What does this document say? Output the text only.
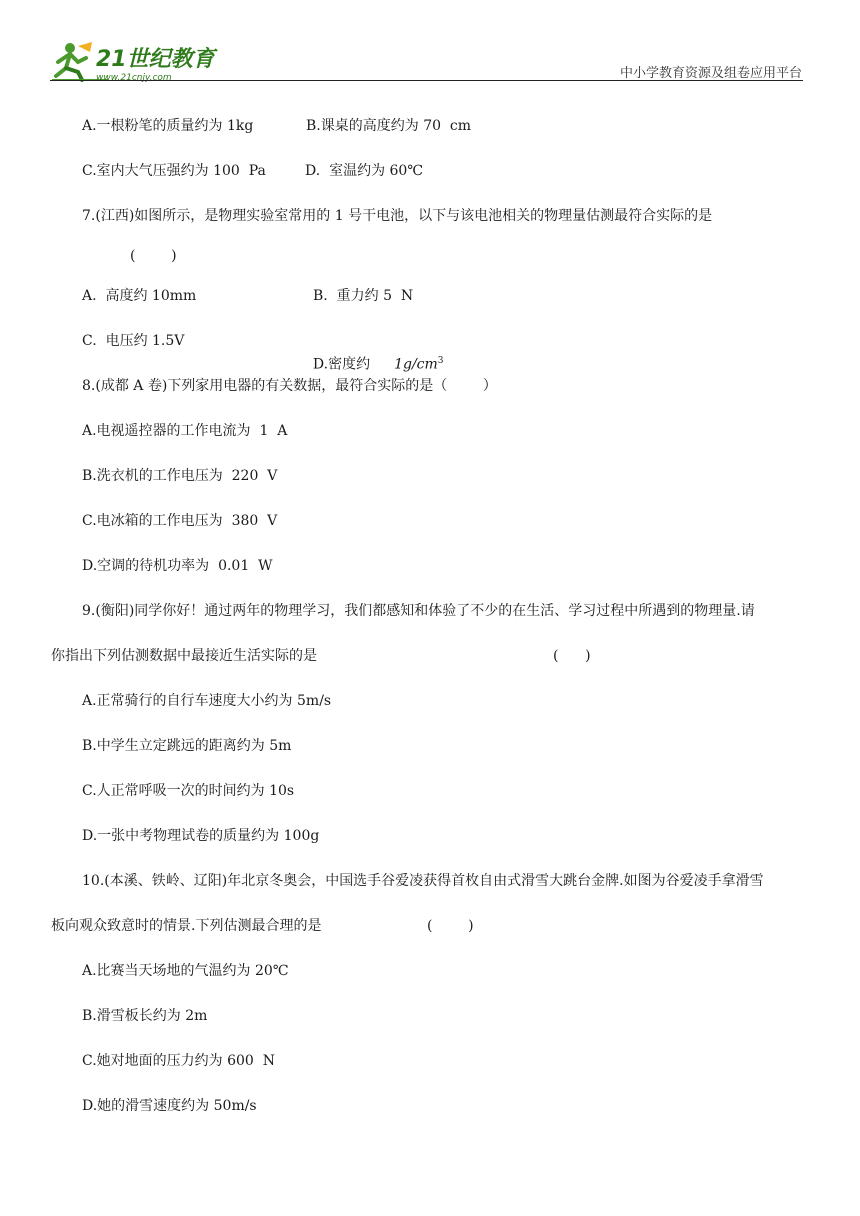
21世纪教育
www.21cnjy.com	中小学教育资源及组卷应用平台
A.一根粉笔的质量约为 1kg	B.课桌的高度约为 70  cm
C.室内大气压强约为 100  Pa	D.  室温约为 60℃
7.(江西)如图所示，是物理实验室常用的 1 号干电池，以下与该电池相关的物理量估测最符合实际的是
(        )
A.  高度约 10mm	B.  重力约 5  N
C.  电压约 1.5V

D.密度约 $1g/cm^3$

8.(成都 A 卷)下列家用电器的有关数据，最符合实际的是（        ）
A.电视遥控器的工作电流为  1  A
B.洗衣机的工作电压为  220  V
C.电冰箱的工作电压为  380  V
D.空调的待机功率为  0.01  W
9.(衡阳)同学你好！通过两年的物理学习，我们都感知和体验了不少的在生活、学习过程中所遇到的物理量.请
你指出下列估测数据中最接近生活实际的是	(      )
A.正常骑行的自行车速度大小约为 5m/s
B.中学生立定跳远的距离约为 5m
C.人正常呼吸一次的时间约为 10s
D.一张中考物理试卷的质量约为 100g
10.(本溪、铁岭、辽阳)年北京冬奥会，中国选手谷爱凌获得首枚自由式滑雪大跳台金牌.如图为谷爱凌手拿滑雪
板向观众致意时的情景.下列估测最合理的是	(        )
A.比赛当天场地的气温约为 20℃
B.滑雪板长约为 2m
C.她对地面的压力约为 600  N
D.她的滑雪速度约为 50m/s
